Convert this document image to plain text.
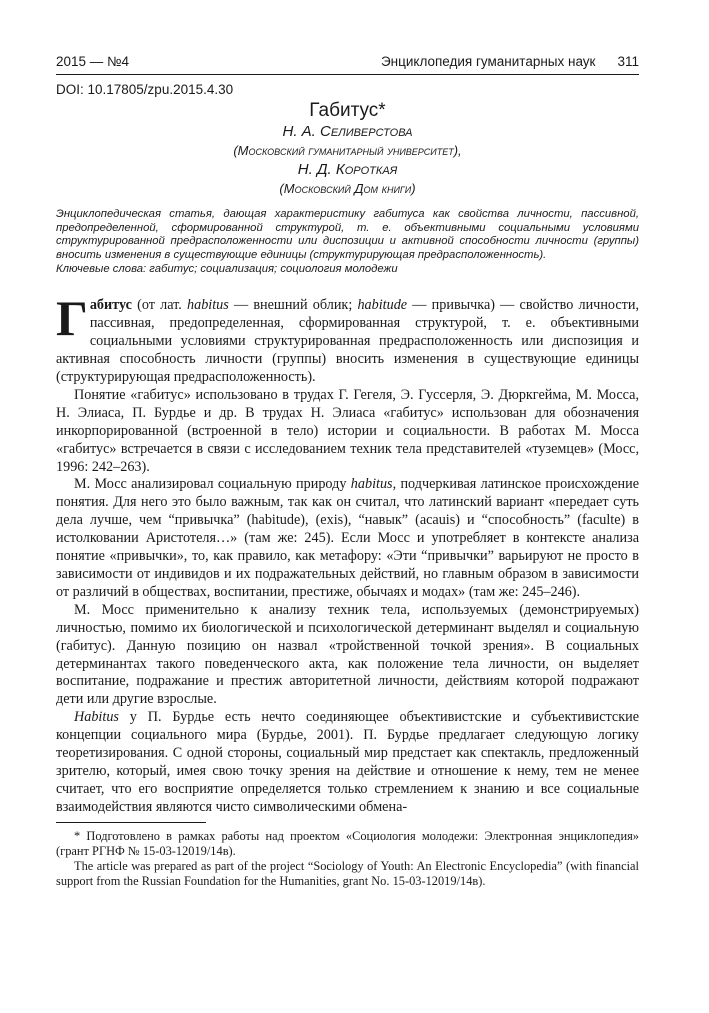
2015 — №4	Энциклопедия гуманитарных наук 311
DOI: 10.17805/zpu.2015.4.30
Габитус*
Н. А. Селиверстова
(Московский гуманитарный университет),
Н. Д. Короткая
(Московский Дом книги)
Энциклопедическая статья, дающая характеристику габитуса как свойства личности, пассивной, предопределенной, сформированной структурой, т. е. объективными социальными условиями структурированной предрасположенности или диспозиции и активной способности личности (группы) вносить изменения в существующие единицы (структурирующая предрасположенность).
Ключевые слова: габитус; социализация; социология молодежи

Габитус (от лат. habitus — внешний облик; habitude — привычка) — свойство личности, пассивная, предопределенная, сформированная структурой, т. е. объективными социальными условиями структурированная предрасположенность или диспозиция и активная способность личности (группы) вносить изменения в существующие единицы (структурирующая предрасположенность).

Понятие «габитус» использовано в трудах Г. Гегеля, Э. Гуссерля, Э. Дюркгейма, М. Мосса, Н. Элиаса, П. Бурдье и др. В трудах Н. Элиаса «габитус» использован для обозначения инкорпорированной (встроенной в тело) истории и социальности. В работах М. Мосса «габитус» встречается в связи с исследованием техник тела представителей «туземцев» (Мосс, 1996: 242–263).

М. Мосс анализировал социальную природу habitus, подчеркивая латинское происхождение понятия. Для него это было важным, так как он считал, что латинский вариант «передает суть дела лучше, чем “привычка” (habitude), (exis), “навык” (acauis) и “способность” (faculte) в истолковании Аристотеля…» (там же: 245). Если Мосс и употребляет в контексте анализа понятие «привычки», то, как правило, как метафору: «Эти “привычки” варьируют не просто в зависимости от индивидов и их подражательных действий, но главным образом в зависимости от различий в обществах, воспитании, престиже, обычаях и модах» (там же: 245–246).

М. Мосс применительно к анализу техник тела, используемых (демонстрируемых) личностью, помимо их биологической и психологической детерминант выделял и социальную (габитус). Данную позицию он назвал «тройственной точкой зрения». В социальных детерминантах такого поведенческого акта, как положение тела личности, он выделяет воспитание, подражание и престиж авторитетной личности, действиям которой подражают дети или другие взрослые.

Habitus у П. Бурдье есть нечто соединяющее объективистские и субъективистские концепции социального мира (Бурдье, 2001). П. Бурдье предлагает следующую логику теоретизирования. С одной стороны, социальный мир предстает как спектакль, предложенный зрителю, который, имея свою точку зрения на действие и отношение к нему, тем не менее считает, что его восприятие определяется только стремлением к знанию и все социальные взаимодействия являются чисто символическими обмена-

* Подготовлено в рамках работы над проектом «Социология молодежи: Электронная энциклопедия» (грант РГНФ № 15-03-12019/14в).

The article was prepared as part of the project “Sociology of Youth: An Electronic Encyclopedia” (with financial support from the Russian Foundation for the Humanities, grant No. 15-03-12019/14в).
